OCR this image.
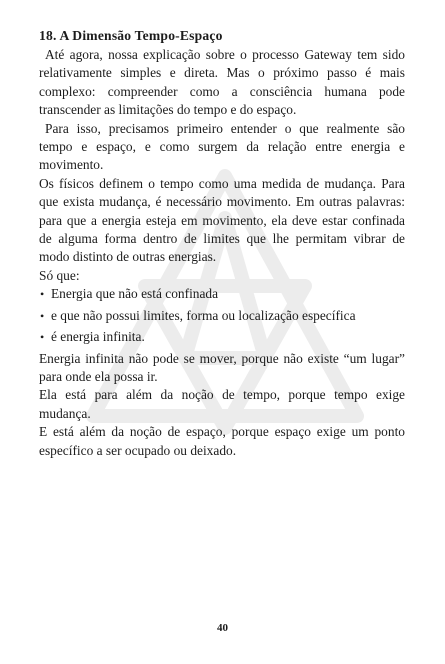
18. A Dimensão Tempo-Espaço

Até agora, nossa explicação sobre o processo Gateway tem sido relativamente simples e direta. Mas o próximo passo é mais complexo: compreender como a consciência humana pode transcender as limitações do tempo e do espaço.

Para isso, precisamos primeiro entender o que realmente são tempo e espaço, e como surgem da relação entre energia e movimento.

Os físicos definem o tempo como uma medida de mudança. Para que exista mudança, é necessário movimento. Em outras palavras: para que a energia esteja em movimento, ela deve estar confinada de alguma forma dentro de limites que lhe permitam vibrar de modo distinto de outras energias.

Só que:

• Energia que não está confinada
• e que não possui limites, forma ou localização específica
• é energia infinita.

Energia infinita não pode se mover, porque não existe “um lugar” para onde ela possa ir.

Ela está para além da noção de tempo, porque tempo exige mudança.

E está além da noção de espaço, porque espaço exige um ponto específico a ser ocupado ou deixado.

40
